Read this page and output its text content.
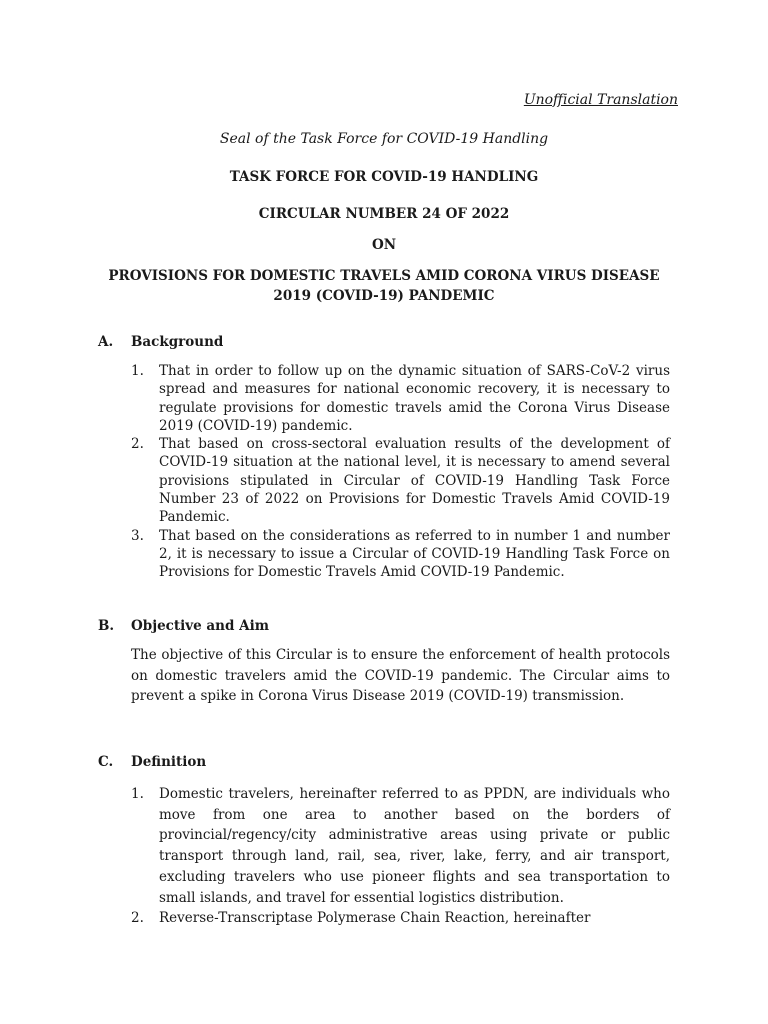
Unofficial Translation
Seal of the Task Force for COVID-19 Handling
TASK FORCE FOR COVID-19 HANDLING
CIRCULAR NUMBER 24 OF 2022
ON
PROVISIONS FOR DOMESTIC TRAVELS AMID CORONA VIRUS DISEASE 2019 (COVID-19) PANDEMIC
A. Background
1. That in order to follow up on the dynamic situation of SARS-CoV-2 virus spread and measures for national economic recovery, it is necessary to regulate provisions for domestic travels amid the Corona Virus Disease 2019 (COVID-19) pandemic.
2. That based on cross-sectoral evaluation results of the development of COVID-19 situation at the national level, it is necessary to amend several provisions stipulated in Circular of COVID-19 Handling Task Force Number 23 of 2022 on Provisions for Domestic Travels Amid COVID-19 Pandemic.
3. That based on the considerations as referred to in number 1 and number 2, it is necessary to issue a Circular of COVID-19 Handling Task Force on Provisions for Domestic Travels Amid COVID-19 Pandemic.
B. Objective and Aim
The objective of this Circular is to ensure the enforcement of health protocols on domestic travelers amid the COVID-19 pandemic. The Circular aims to prevent a spike in Corona Virus Disease 2019 (COVID-19) transmission.
C. Definition
1. Domestic travelers, hereinafter referred to as PPDN, are individuals who move from one area to another based on the borders of provincial/regency/city administrative areas using private or public transport through land, rail, sea, river, lake, ferry, and air transport, excluding travelers who use pioneer flights and sea transportation to small islands, and travel for essential logistics distribution.
2. Reverse-Transcriptase Polymerase Chain Reaction, hereinafter
